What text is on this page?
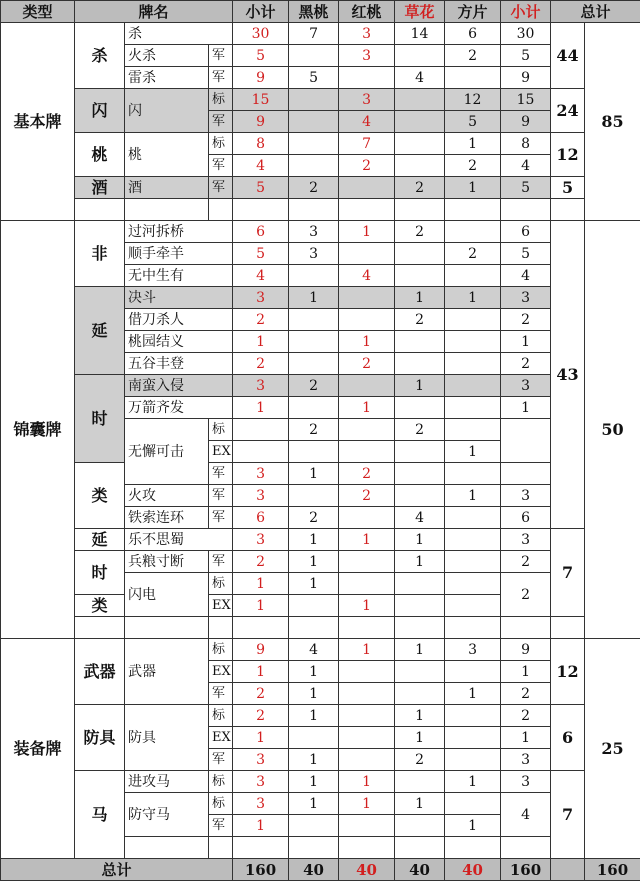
类型	牌名			小计	黑桃	红桃	草花	方片	小计	总计	
基本牌	杀	杀		30	7	3	14	6	30	44	85
		火杀	军	5		3		2	5		
		雷杀	军	9	5		4		9		
	闪	闪	标	15		3		12	15	24	
			军	9		4		5	9		
	桃	桃	标	8		7		1	8	12	
			军	4		2		2	4		
	酒	酒	军	5	2		2	1	5	5	

锦囊牌	非	过河拆桥		6	3	1	2		6	43	50
		顺手牵羊		5	3			2	5		
		无中生有		4		4			4		
	延	决斗		3	1		1	1	3		
		借刀杀人		2			2		2		
		桃园结义		1		1			1		
		五谷丰登		2		2			2		
	时	南蛮入侵		3	2		1		3		
		万箭齐发		1		1			1		
		无懈可击	标		2		2				
			EX					1			
	类		军	3	1	2					
		火攻	军	3		2		1	3		
		铁索连环	军	6	2		4		6		
	延	乐不思蜀		3	1	1	1		3	7	
	时	兵粮寸断	军	2	1		1		2		
		闪电	标	1	1				2		
	类		EX	1		1					

装备牌	武器	武器	标	9	4	1	1	3	9	12	25
			EX	1	1				1		
			军	2	1			1	2		
	防具	防具	标	2	1		1		2	6	
			EX	1			1		1		
			军	3	1		2		3		
	马	进攻马	标	3	1	1		1	3	7	
		防守马	标	3	1	1	1		4		
			军	1				1			

总计				160	40	40	40	40	160		160
